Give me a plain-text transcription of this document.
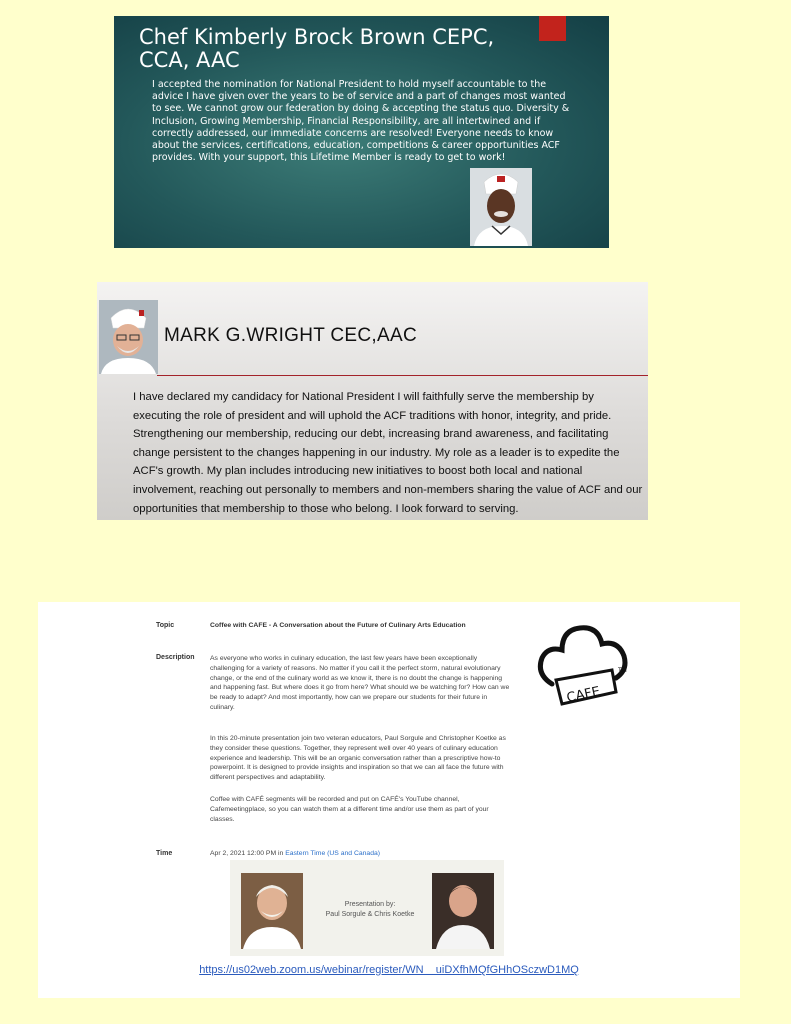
Chef Kimberly Brock Brown CEPC, CCA, AAC
I accepted the nomination for National President to hold myself accountable to the advice I have given over the years to be of service and a part of changes most wanted to see. We cannot grow our federation by doing & accepting the status quo. Diversity & Inclusion, Growing Membership, Financial Responsibility, are all intertwined and if correctly addressed, our immediate concerns are resolved! Everyone needs to know about the services, certifications, education, competitions & career opportunities ACF provides. With your support, this Lifetime Member is ready to get to work!
MARK G.WRIGHT CEC,AAC
I have declared my candidacy for National President I will faithfully serve the membership by executing the role of president and will uphold the ACF traditions with honor, integrity, and pride. Strengthening our membership, reducing our debt, increasing brand awareness, and facilitating change persistent to the changes happening in our industry. My role as a leader is to expedite the ACF's growth. My plan includes introducing new initiatives to boost both local and national involvement, reaching out personally to members and non-members sharing the value of ACF and our opportunities that membership to those who belong. I look forward to serving.
Topic	Coffee with CAFE - A Conversation about the Future of Culinary Arts Education
Description As everyone who works in culinary education, the last few years have been exceptionally challenging for a variety of reasons. No matter if you call it the perfect storm, natural evolutionary change, or the end of the culinary world as we know it, there is no doubt the change is happening and happening fast. But where does it go from here? What should we be watching for? How can we be ready to adapt? And most importantly, how can we prepare our students for their future in culinary.
In this 20-minute presentation join two veteran educators, Paul Sorgule and Christopher Koetke as they consider these questions. Together, they represent well over 40 years of culinary education experience and leadership. This will be an organic conversation rather than a prescriptive how-to powerpoint. It is designed to provide insights and inspiration so that we can all face the future with different perspectives and adaptability.
Coffee with CAFÉ segments will be recorded and put on CAFÉ's YouTube channel, Cafemeetingplace, so you can watch them at a different time and/or use them as part of your classes.
Time	Apr 2, 2021 12:00 PM in Eastern Time (US and Canada)
CAFE
TM
Presentation by:
Paul Sorgule & Chris Koetke
https://us02web.zoom.us/webinar/register/WN    uiDXfhMQfGHhOSczwD1MQ
